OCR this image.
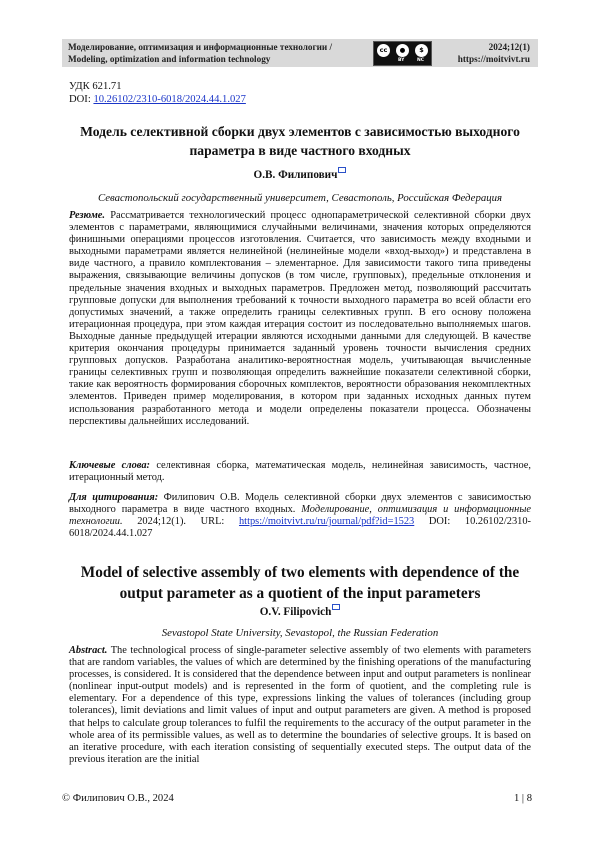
Моделирование, оптимизация и информационные технологии /
Modeling, optimization and information technology
cc	●	$
BY	NC
2024;12(1)
https://moitvivt.ru
УДК 621.71
DOI: 10.26102/2310-6018/2024.44.1.027
Модель селективной сборки двух элементов с зависимостью выходного параметра в виде частного входных
О.В. Филипович
Севастопольский государственный университет, Севастополь, Российская Федерация
Резюме. Рассматривается технологический процесс однопараметрической селективной сборки двух элементов с параметрами, являющимися случайными величинами, значения которых определяются финишными операциями процессов изготовления. Считается, что зависимость между входными и выходными параметрами является нелинейной (нелинейные модели «вход-выход») и представлена в виде частного, а правило комплектования – элементарное. Для зависимости такого типа приведены выражения, связывающие величины допусков (в том числе, групповых), предельные отклонения и предельные значения входных и выходных параметров. Предложен метод, позволяющий рассчитать групповые допуски для выполнения требований к точности выходного параметра во всей области его допустимых значений, а также определить границы селективных групп. В его основу положена итерационная процедура, при этом каждая итерация состоит из последовательно выполняемых шагов. Выходные данные предыдущей итерации являются исходными данными для следующей. В качестве критерия окончания процедуры принимается заданный уровень точности вычисления средних групповых допусков. Разработана аналитико-вероятностная модель, учитывающая вычисленные границы селективных групп и позволяющая определить важнейшие показатели селективной сборки, такие как вероятность формирования сборочных комплектов, вероятности образования некомплектных элементов. Приведен пример моделирования, в котором при заданных исходных данных путем использования разработанного метода и модели определены показатели процесса. Обозначены перспективы дальнейших исследований.
Ключевые слова: селективная сборка, математическая модель, нелинейная зависимость, частное, итерационный метод.
Для цитирования: Филипович О.В. Модель селективной сборки двух элементов с зависимостью выходного параметра в виде частного входных. Моделирование, оптимизация и информационные технологии. 2024;12(1). URL: https://moitvivt.ru/ru/journal/pdf?id=1523 DOI: 10.26102/2310-6018/2024.44.1.027
Model of selective assembly of two elements with dependence of the output parameter as a quotient of the input parameters
O.V. Filipovich
Sevastopol State University, Sevastopol, the Russian Federation
Abstract. The technological process of single-parameter selective assembly of two elements with parameters that are random variables, the values of which are determined by the finishing operations of the manufacturing processes, is considered. It is considered that the dependence between input and output parameters is nonlinear (nonlinear input-output models) and is represented in the form of quotient, and the completing rule is elementary. For a dependence of this type, expressions linking the values of tolerances (including group tolerances), limit deviations and limit values of input and output parameters are given. A method is proposed that helps to calculate group tolerances to fulfil the requirements to the accuracy of the output parameter in the whole area of its permissible values, as well as to determine the boundaries of selective groups. It is based on an iterative procedure, with each iteration consisting of sequentially executed steps. The output data of the previous iteration are the initial
© Филипович О.В., 2024	1 | 8
